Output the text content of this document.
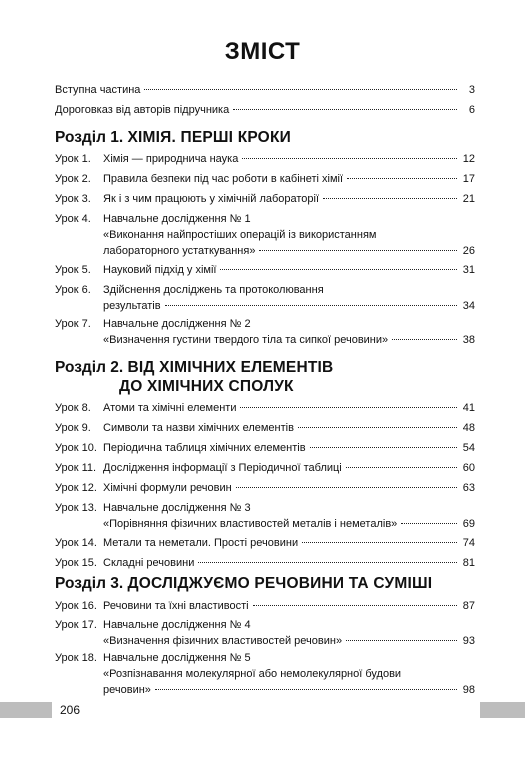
ЗМІСТ
Вступна частина	3
Дороговказ від авторів підручника	6
Розділ 1. ХІМІЯ. ПЕРШІ КРОКИ
Урок 1. Хімія — природнича наука	12
Урок 2. Правила безпеки під час роботи в кабінеті хімії	17
Урок 3. Як і з чим працюють у хімічній лабораторії	21
Урок 4. Навчальне дослідження № 1
«Виконання найпростіших операцій із використанням
лабораторного устаткування»	26
Урок 5. Науковий підхід у хімії	31
Урок 6. Здійснення досліджень та протоколювання
результатів	34
Урок 7. Навчальне дослідження № 2
«Визначення густини твердого тіла та сипкої речовини»	38
Розділ 2. ВІД ХІМІЧНИХ ЕЛЕМЕНТІВ
ДО ХІМІЧНИХ СПОЛУК
Урок 8. Атоми та хімічні елементи	41
Урок 9. Символи та назви хімічних елементів	48
Урок 10. Періодична таблиця хімічних елементів	54
Урок 11. Дослідження інформації з Періодичної таблиці	60
Урок 12. Хімічні формули речовин	63
Урок 13. Навчальне дослідження № 3
«Порівняння фізичних властивостей металів і неметалів»	69
Урок 14. Метали та неметали. Прості речовини	74
Урок 15. Складні речовини	81
Розділ 3. ДОСЛІДЖУЄМО РЕЧОВИНИ ТА СУМІШІ
Урок 16. Речовини та їхні властивості	87
Урок 17. Навчальне дослідження № 4
«Визначення фізичних властивостей речовин»	93
Урок 18. Навчальне дослідження № 5
«Розпізнавання молекулярної або немолекулярної будови
речовин»	98
206
